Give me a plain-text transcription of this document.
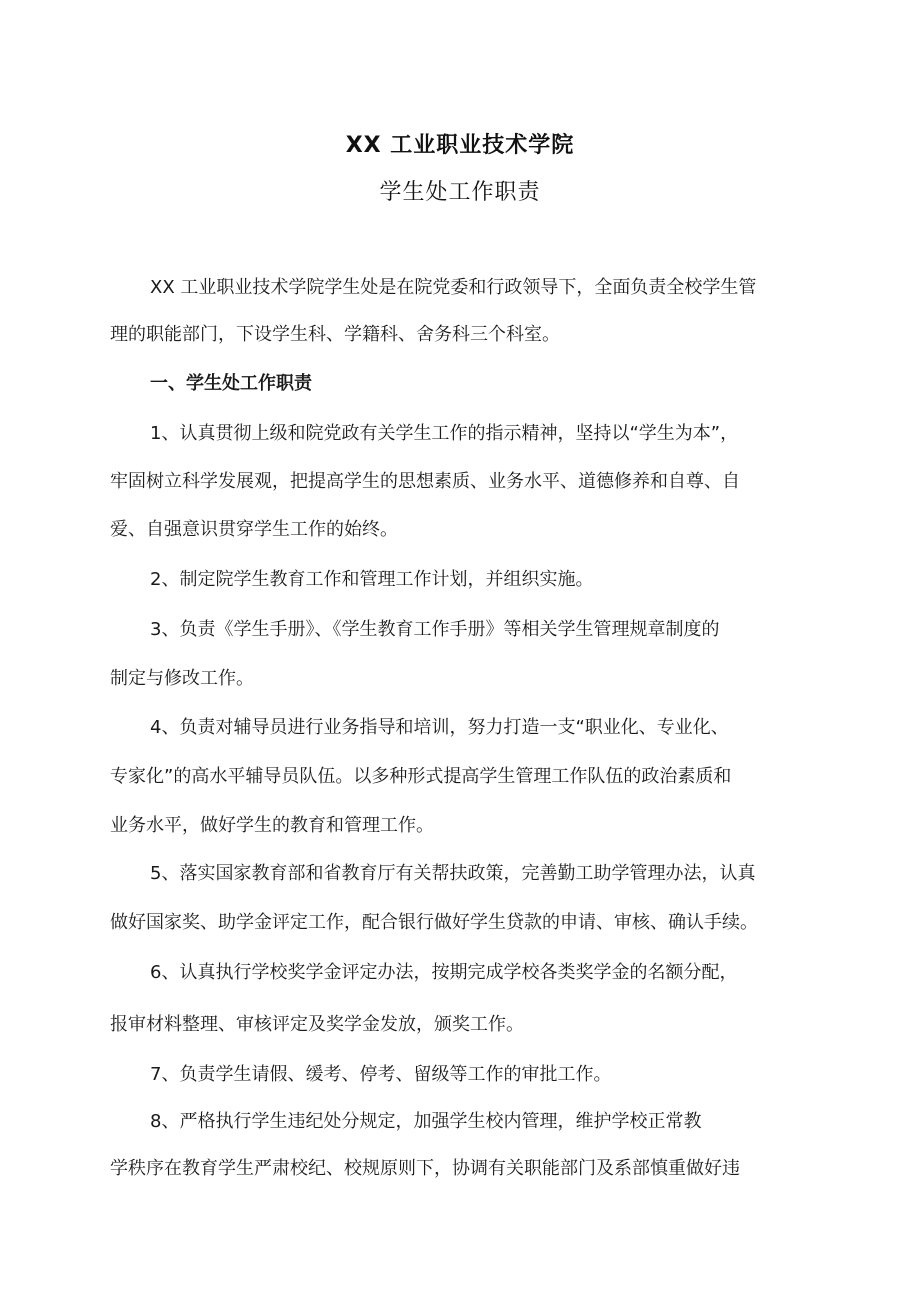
XX 工业职业技术学院
学生处工作职责
XX 工业职业技术学院学生处是在院党委和行政领导下，全面负责全校学生管
理的职能部门，下设学生科、学籍科、舍务科三个科室。
一、学生处工作职责
1、认真贯彻上级和院党政有关学生工作的指示精神，坚持以“学生为本”，
牢固树立科学发展观，把提高学生的思想素质、业务水平、道德修养和自尊、自
爱、自强意识贯穿学生工作的始终。
2、制定院学生教育工作和管理工作计划，并组织实施。
3、负责《学生手册》、《学生教育工作手册》等相关学生管理规章制度的
制定与修改工作。
4、负责对辅导员进行业务指导和培训，努力打造一支“职业化、专业化、
专家化”的高水平辅导员队伍。以多种形式提高学生管理工作队伍的政治素质和
业务水平，做好学生的教育和管理工作。
5、落实国家教育部和省教育厅有关帮扶政策，完善勤工助学管理办法，认真
做好国家奖、助学金评定工作，配合银行做好学生贷款的申请、审核、确认手续。
6、认真执行学校奖学金评定办法，按期完成学校各类奖学金的名额分配，
报审材料整理、审核评定及奖学金发放，颁奖工作。
7、负责学生请假、缓考、停考、留级等工作的审批工作。
8、严格执行学生违纪处分规定，加强学生校内管理，维护学校正常教
学秩序在教育学生严肃校纪、校规原则下，协调有关职能部门及系部慎重做好违
